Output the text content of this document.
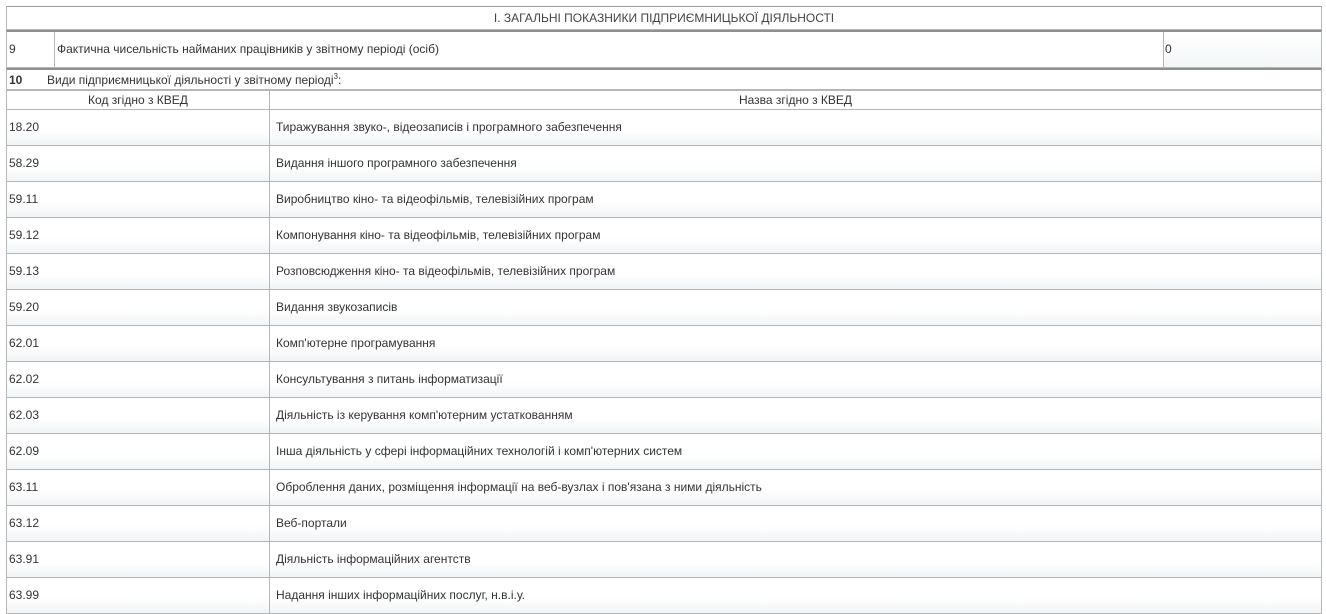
І. ЗАГАЛЬНІ ПОКАЗНИКИ ПІДПРИЄМНИЦЬКОЇ ДІЯЛЬНОСТІ
9	Фактична чисельність найманих працівників у звітному періоді (осіб)	0
10 Види підприємницької діяльності у звітному періоді$^3$:
Код згідно з КВЕД	Назва згідно з КВЕД
18.20	Тиражування звуко-, відеозаписів і програмного забезпечення
58.29	Видання іншого програмного забезпечення
59.11	Виробництво кіно- та відеофільмів, телевізійних програм
59.12	Компонування кіно- та відеофільмів, телевізійних програм
59.13	Розповсюдження кіно- та відеофільмів, телевізійних програм
59.20	Видання звукозаписів
62.01	Комп'ютерне програмування
62.02	Консультування з питань інформатизації
62.03	Діяльність із керування комп'ютерним устаткованням
62.09	Інша діяльність у сфері інформаційних технологій і комп'ютерних систем
63.11	Оброблення даних, розміщення інформації на веб-вузлах і пов'язана з ними діяльність
63.12	Веб-портали
63.91	Діяльність інформаційних агентств
63.99	Надання інших інформаційних послуг, н.в.і.у.
